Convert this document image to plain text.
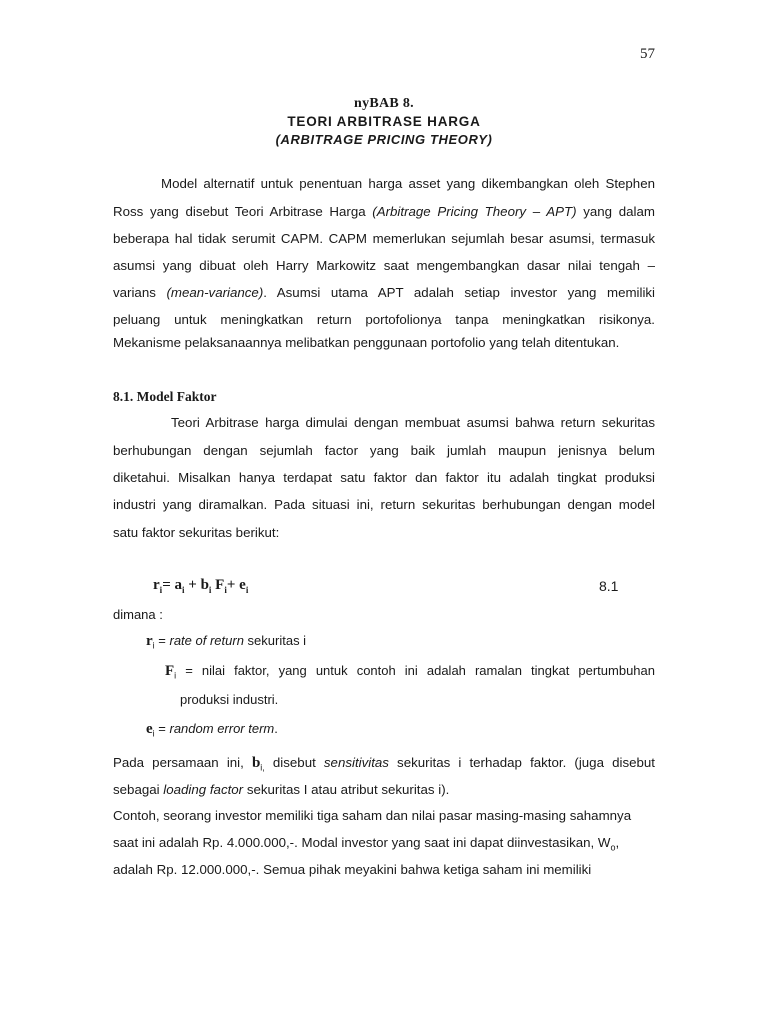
57
nyBAB 8.
TEORI ARBITRASE HARGA
(ARBITRAGE PRICING THEORY)
Model alternatif untuk penentuan harga asset yang dikembangkan oleh Stephen
Ross yang disebut Teori Arbitrase Harga (Arbitrage Pricing Theory – APT) yang dalam
beberapa hal tidak serumit CAPM. CAPM memerlukan sejumlah besar asumsi, termasuk
asumsi yang dibuat oleh Harry Markowitz saat mengembangkan dasar nilai tengah –
varians (mean-variance). Asumsi utama APT adalah setiap investor yang memiliki
peluang untuk meningkatkan return portofolionya tanpa meningkatkan risikonya.
Mekanisme pelaksanaannya melibatkan penggunaan portofolio yang telah ditentukan.
8.1. Model Faktor
Teori Arbitrase harga dimulai dengan membuat asumsi bahwa return sekuritas
berhubungan dengan sejumlah factor yang baik jumlah maupun jenisnya belum
diketahui. Misalkan hanya terdapat satu faktor dan faktor itu adalah tingkat produksi
industri yang diramalkan. Pada situasi ini, return sekuritas berhubungan dengan model
satu faktor sekuritas berikut:
$r_i= a_i + b_i$ $F_i+ e_i$	8.1
dimana :
$r_i$ = rate of return sekuritas i
$F_i$ = nilai faktor, yang untuk contoh ini adalah ramalan tingkat pertumbuhan
produksi industri.
$e_i$ = random error term.
Pada persamaan ini, $b_{i,}$ disebut sensitivitas sekuritas i terhadap faktor. (juga disebut
sebagai loading factor sekuritas I atau atribut sekuritas i).
Contoh, seorang investor memiliki tiga saham dan nilai pasar masing-masing sahamnya
saat ini adalah Rp. 4.000.000,-. Modal investor yang saat ini dapat diinvestasikan, $W_o$,
adalah Rp. 12.000.000,-. Semua pihak meyakini bahwa ketiga saham ini memiliki
